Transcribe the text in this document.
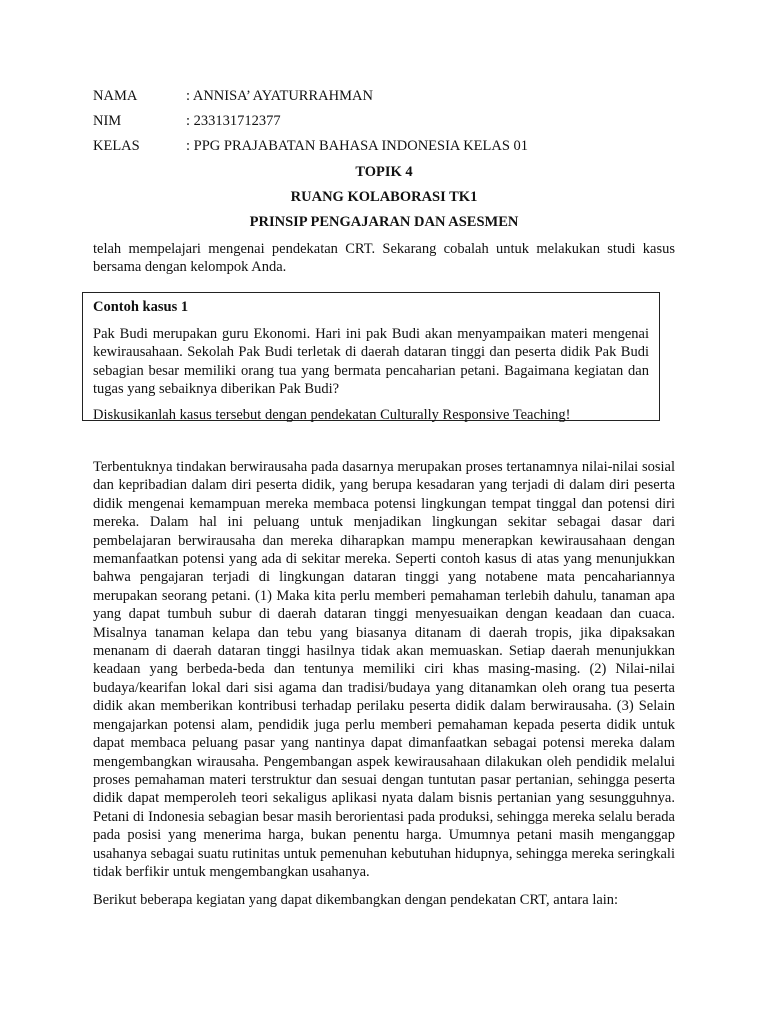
NAMA	: ANNISA’ AYATURRAHMAN
NIM	: 233131712377
KELAS	: PPG PRAJABATAN BAHASA INDONESIA KELAS 01
TOPIK 4
RUANG KOLABORASI TK1
PRINSIP PENGAJARAN DAN ASESMEN

telah mempelajari mengenai pendekatan CRT. Sekarang cobalah untuk melakukan studi kasus bersama dengan kelompok Anda.

Contoh kasus 1

Pak Budi merupakan guru Ekonomi. Hari ini pak Budi akan menyampaikan materi mengenai kewirausahaan. Sekolah Pak Budi terletak di daerah dataran tinggi dan peserta didik Pak Budi sebagian besar memiliki orang tua yang bermata pencaharian petani. Bagaimana kegiatan dan tugas yang sebaiknya diberikan Pak Budi?

Diskusikanlah kasus tersebut dengan pendekatan Culturally Responsive Teaching!

Terbentuknya tindakan berwirausaha pada dasarnya merupakan proses tertanamnya nilai-nilai sosial dan kepribadian dalam diri peserta didik, yang berupa kesadaran yang terjadi di dalam diri peserta didik mengenai kemampuan mereka membaca potensi lingkungan tempat tinggal dan potensi diri mereka. Dalam hal ini peluang untuk menjadikan lingkungan sekitar sebagai dasar dari pembelajaran berwirausaha dan mereka diharapkan mampu menerapkan kewirausahaan dengan memanfaatkan potensi yang ada di sekitar mereka. Seperti contoh kasus di atas yang menunjukkan bahwa pengajaran terjadi di lingkungan dataran tinggi yang notabene mata pencahariannya merupakan seorang petani. (1) Maka kita perlu memberi pemahaman terlebih dahulu, tanaman apa yang dapat tumbuh subur di daerah dataran tinggi menyesuaikan dengan keadaan dan cuaca. Misalnya tanaman kelapa dan tebu yang biasanya ditanam di daerah tropis, jika dipaksakan menanam di daerah dataran tinggi hasilnya tidak akan memuaskan. Setiap daerah menunjukkan keadaan yang berbeda-beda dan tentunya memiliki ciri khas masing-masing. (2) Nilai-nilai budaya/kearifan lokal dari sisi agama dan tradisi/budaya yang ditanamkan oleh orang tua peserta didik akan memberikan kontribusi terhadap perilaku peserta didik dalam berwirausaha. (3) Selain mengajarkan potensi alam, pendidik juga perlu memberi pemahaman kepada peserta didik untuk dapat membaca peluang pasar yang nantinya dapat dimanfaatkan sebagai potensi mereka dalam mengembangkan wirausaha. Pengembangan aspek kewirausahaan dilakukan oleh pendidik melalui proses pemahaman materi terstruktur dan sesuai dengan tuntutan pasar pertanian, sehingga peserta didik dapat memperoleh teori sekaligus aplikasi nyata dalam bisnis pertanian yang sesungguhnya. Petani di Indonesia sebagian besar masih berorientasi pada produksi, sehingga mereka selalu berada pada posisi yang menerima harga, bukan penentu harga. Umumnya petani masih menganggap usahanya sebagai suatu rutinitas untuk pemenuhan kebutuhan hidupnya, sehingga mereka seringkali tidak berfikir untuk mengembangkan usahanya.

Berikut beberapa kegiatan yang dapat dikembangkan dengan pendekatan CRT, antara lain:
